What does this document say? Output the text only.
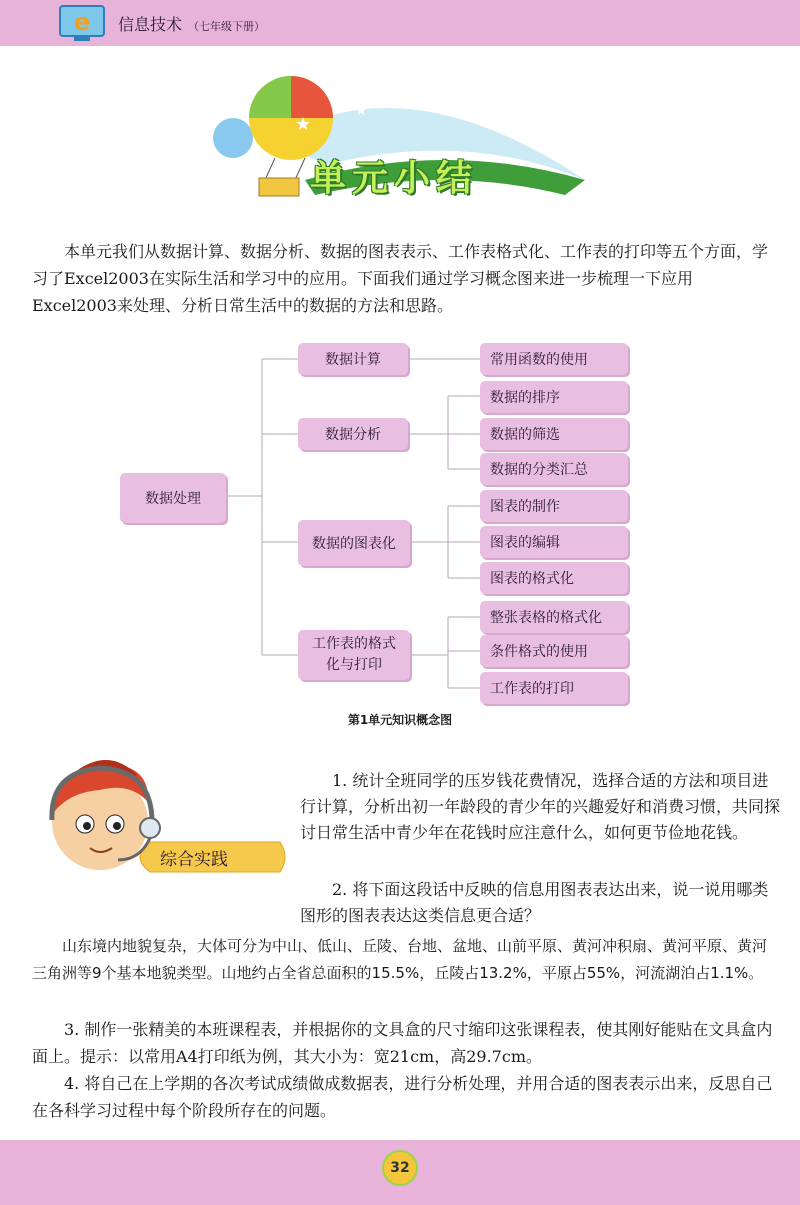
e 信息技术 （七年级下册）
★
★
★
单元小结

本单元我们从数据计算、数据分析、数据的图表表示、工作表格式化、工作表的打印等五个方面，学习了Excel2003在实际生活和学习中的应用。下面我们通过学习概念图来进一步梳理一下应用Excel2003来处理、分析日常生活中的数据的方法和思路。

数据处理
数据计算
数据分析
数据的图表化
工作表的格式化与打印
常用函数的使用
数据的排序
数据的筛选
数据的分类汇总
图表的制作
图表的编辑
图表的格式化
整张表格的格式化
条件格式的使用
工作表的打印
第1单元知识概念图
综合实践

1. 统计全班同学的压岁钱花费情况，选择合适的方法和项目进行计算，分析出初一年龄段的青少年的兴趣爱好和消费习惯，共同探讨日常生活中青少年在花钱时应注意什么，如何更节俭地花钱。

2. 将下面这段话中反映的信息用图表表达出来，说一说用哪类图形的图表表达这类信息更合适？

山东境内地貌复杂，大体可分为中山、低山、丘陵、台地、盆地、山前平原、黄河冲积扇、黄河平原、黄河三角洲等9个基本地貌类型。山地约占全省总面积的15.5%，丘陵占13.2%，平原占55%，河流湖泊占1.1%。

3. 制作一张精美的本班课程表，并根据你的文具盒的尺寸缩印这张课程表，使其刚好能贴在文具盒内面上。提示：以常用A4打印纸为例，其大小为：宽21cm，高29.7cm。

4. 将自己在上学期的各次考试成绩做成数据表，进行分析处理，并用合适的图表表示出来，反思自己在各科学习过程中每个阶段所存在的问题。

32
